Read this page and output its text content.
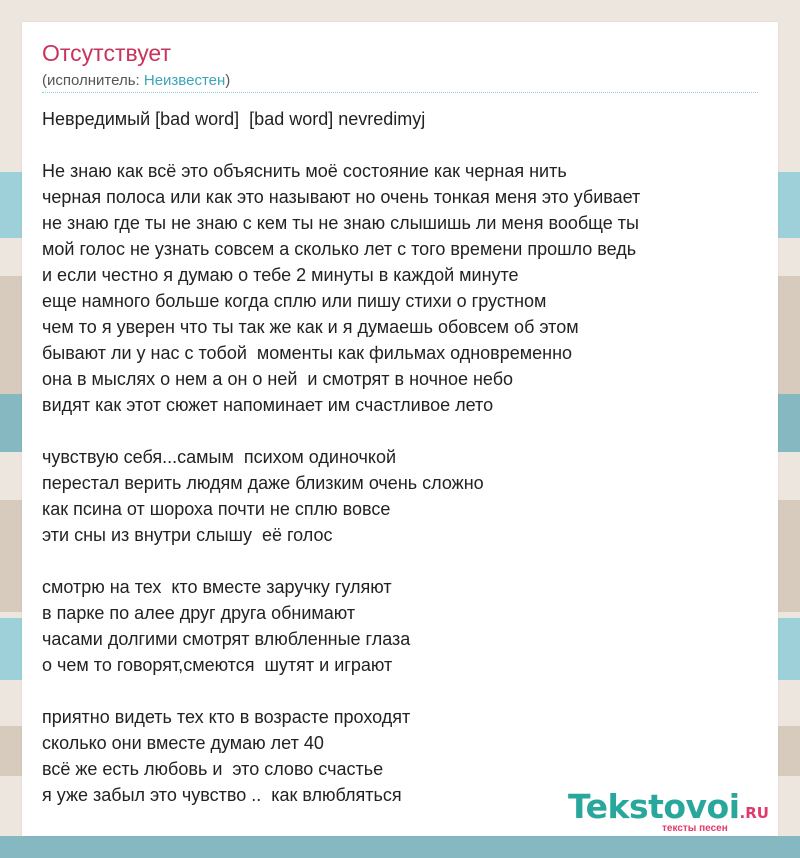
Отсутствует
(исполнитель: Неизвестен)
Невредимый [bad word]  [bad word] nevredimyj
Не знаю как всё это объяснить моё состояние как черная нить
черная полоса или как это называют но очень тонкая меня это убивает
не знаю где ты не знаю с кем ты не знаю слышишь ли меня вообще ты
мой голос не узнать совсем а сколько лет с того времени прошло ведь
и если честно я думаю о тебе 2 минуты в каждой минуте
еще намного больше когда сплю или пишу стихи о грустном
чем то я уверен что ты так же как и я думаешь обовсем об этом
бывают ли у нас с тобой  моменты как фильмах одновременно
она в мыслях о нем а он о ней  и смотрят в ночное небо
видят как этот сюжет напоминает им счастливое лето
чувствую себя...самым  психом одиночкой
перестал верить людям даже близким очень сложно
как псина от шороха почти не сплю вовсе
эти сны из внутри слышу  её голос
смотрю на тех  кто вместе заручку гуляют
в парке по алее друг друга обнимают
часами долгими смотрят влюбленные глаза
о чем то говорят,смеются  шутят и играют
приятно видеть тех кто в возрасте проходят
сколько они вместе думаю лет 40
всё же есть любовь и  это слово счастье
я уже забыл это чувство ..  как влюбляться	Tekstovoi.RU
тексты песен
